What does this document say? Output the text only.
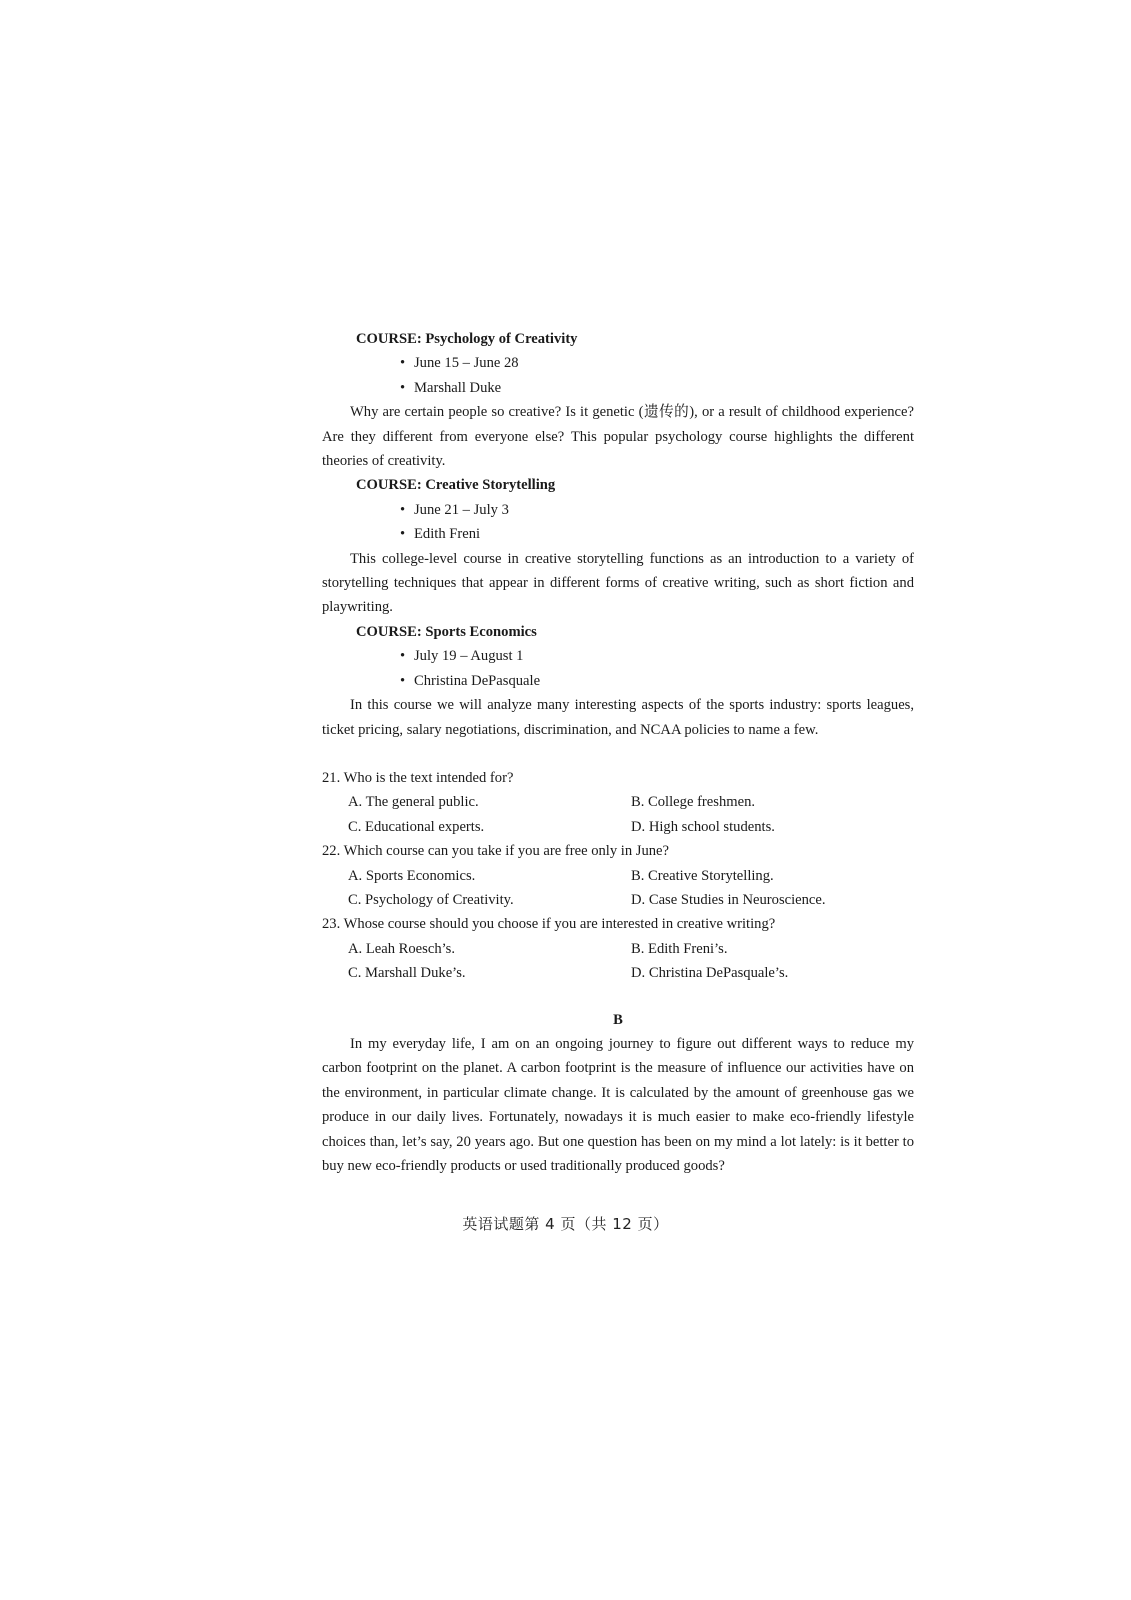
COURSE: Psychology of Creativity
• June 15 – June 28
• Marshall Duke

Why are certain people so creative? Is it genetic (遗传的), or a result of childhood experience? Are they different from everyone else? This popular psychology course highlights the different theories of creativity.

COURSE: Creative Storytelling
• June 21 – July 3
• Edith Freni

This college-level course in creative storytelling functions as an introduction to a variety of storytelling techniques that appear in different forms of creative writing, such as short fiction and playwriting.

COURSE: Sports Economics
• July 19 – August 1
• Christina DePasquale

In this course we will analyze many interesting aspects of the sports industry: sports leagues, ticket pricing, salary negotiations, discrimination, and NCAA policies to name a few.

21. Who is the text intended for?

A. The general public.	B. College freshmen.
C. Educational experts.	D. High school students.

22. Which course can you take if you are free only in June?

A. Sports Economics.	B. Creative Storytelling.
C. Psychology of Creativity.	D. Case Studies in Neuroscience.

23. Whose course should you choose if you are interested in creative writing?

A. Leah Roesch’s.	B. Edith Freni’s.
C. Marshall Duke’s.	D. Christina DePasquale’s.
B

In my everyday life, I am on an ongoing journey to figure out different ways to reduce my carbon footprint on the planet. A carbon footprint is the measure of influence our activities have on the environment, in particular climate change. It is calculated by the amount of greenhouse gas we produce in our daily lives. Fortunately, nowadays it is much easier to make eco-friendly lifestyle choices than, let’s say, 20 years ago. But one question has been on my mind a lot lately: is it better to buy new eco-friendly products or used traditionally produced goods?

英语试题第 4 页（共 12 页）
